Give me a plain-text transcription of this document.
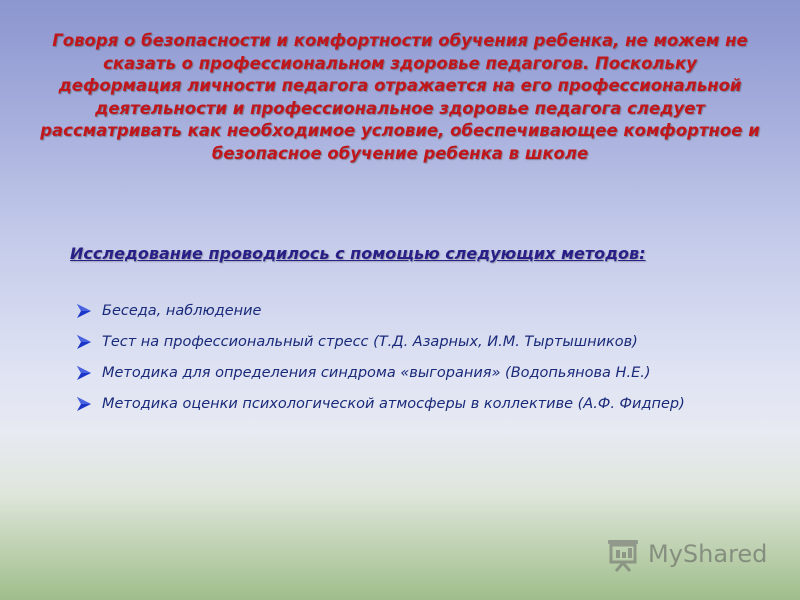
Говоря о безопасности и комфортности обучения ребенка, не можем не сказать о профессиональном здоровье педагогов. Поскольку деформация личности педагога отражается на его профессиональной деятельности и профессиональное здоровье педагога следует рассматривать как необходимое условие, обеспечивающее комфортное и безопасное обучение ребенка в школе
Исследование проводилось с помощью следующих методов:
Беседа, наблюдение
Тест на профессиональный стресс (Т.Д. Азарных, И.М. Тыртышников)
Методика для определения синдрома «выгорания» (Водопьянова Н.Е.)
Методика оценки психологической атмосферы в коллективе (А.Ф. Фидпер)
MyShared
